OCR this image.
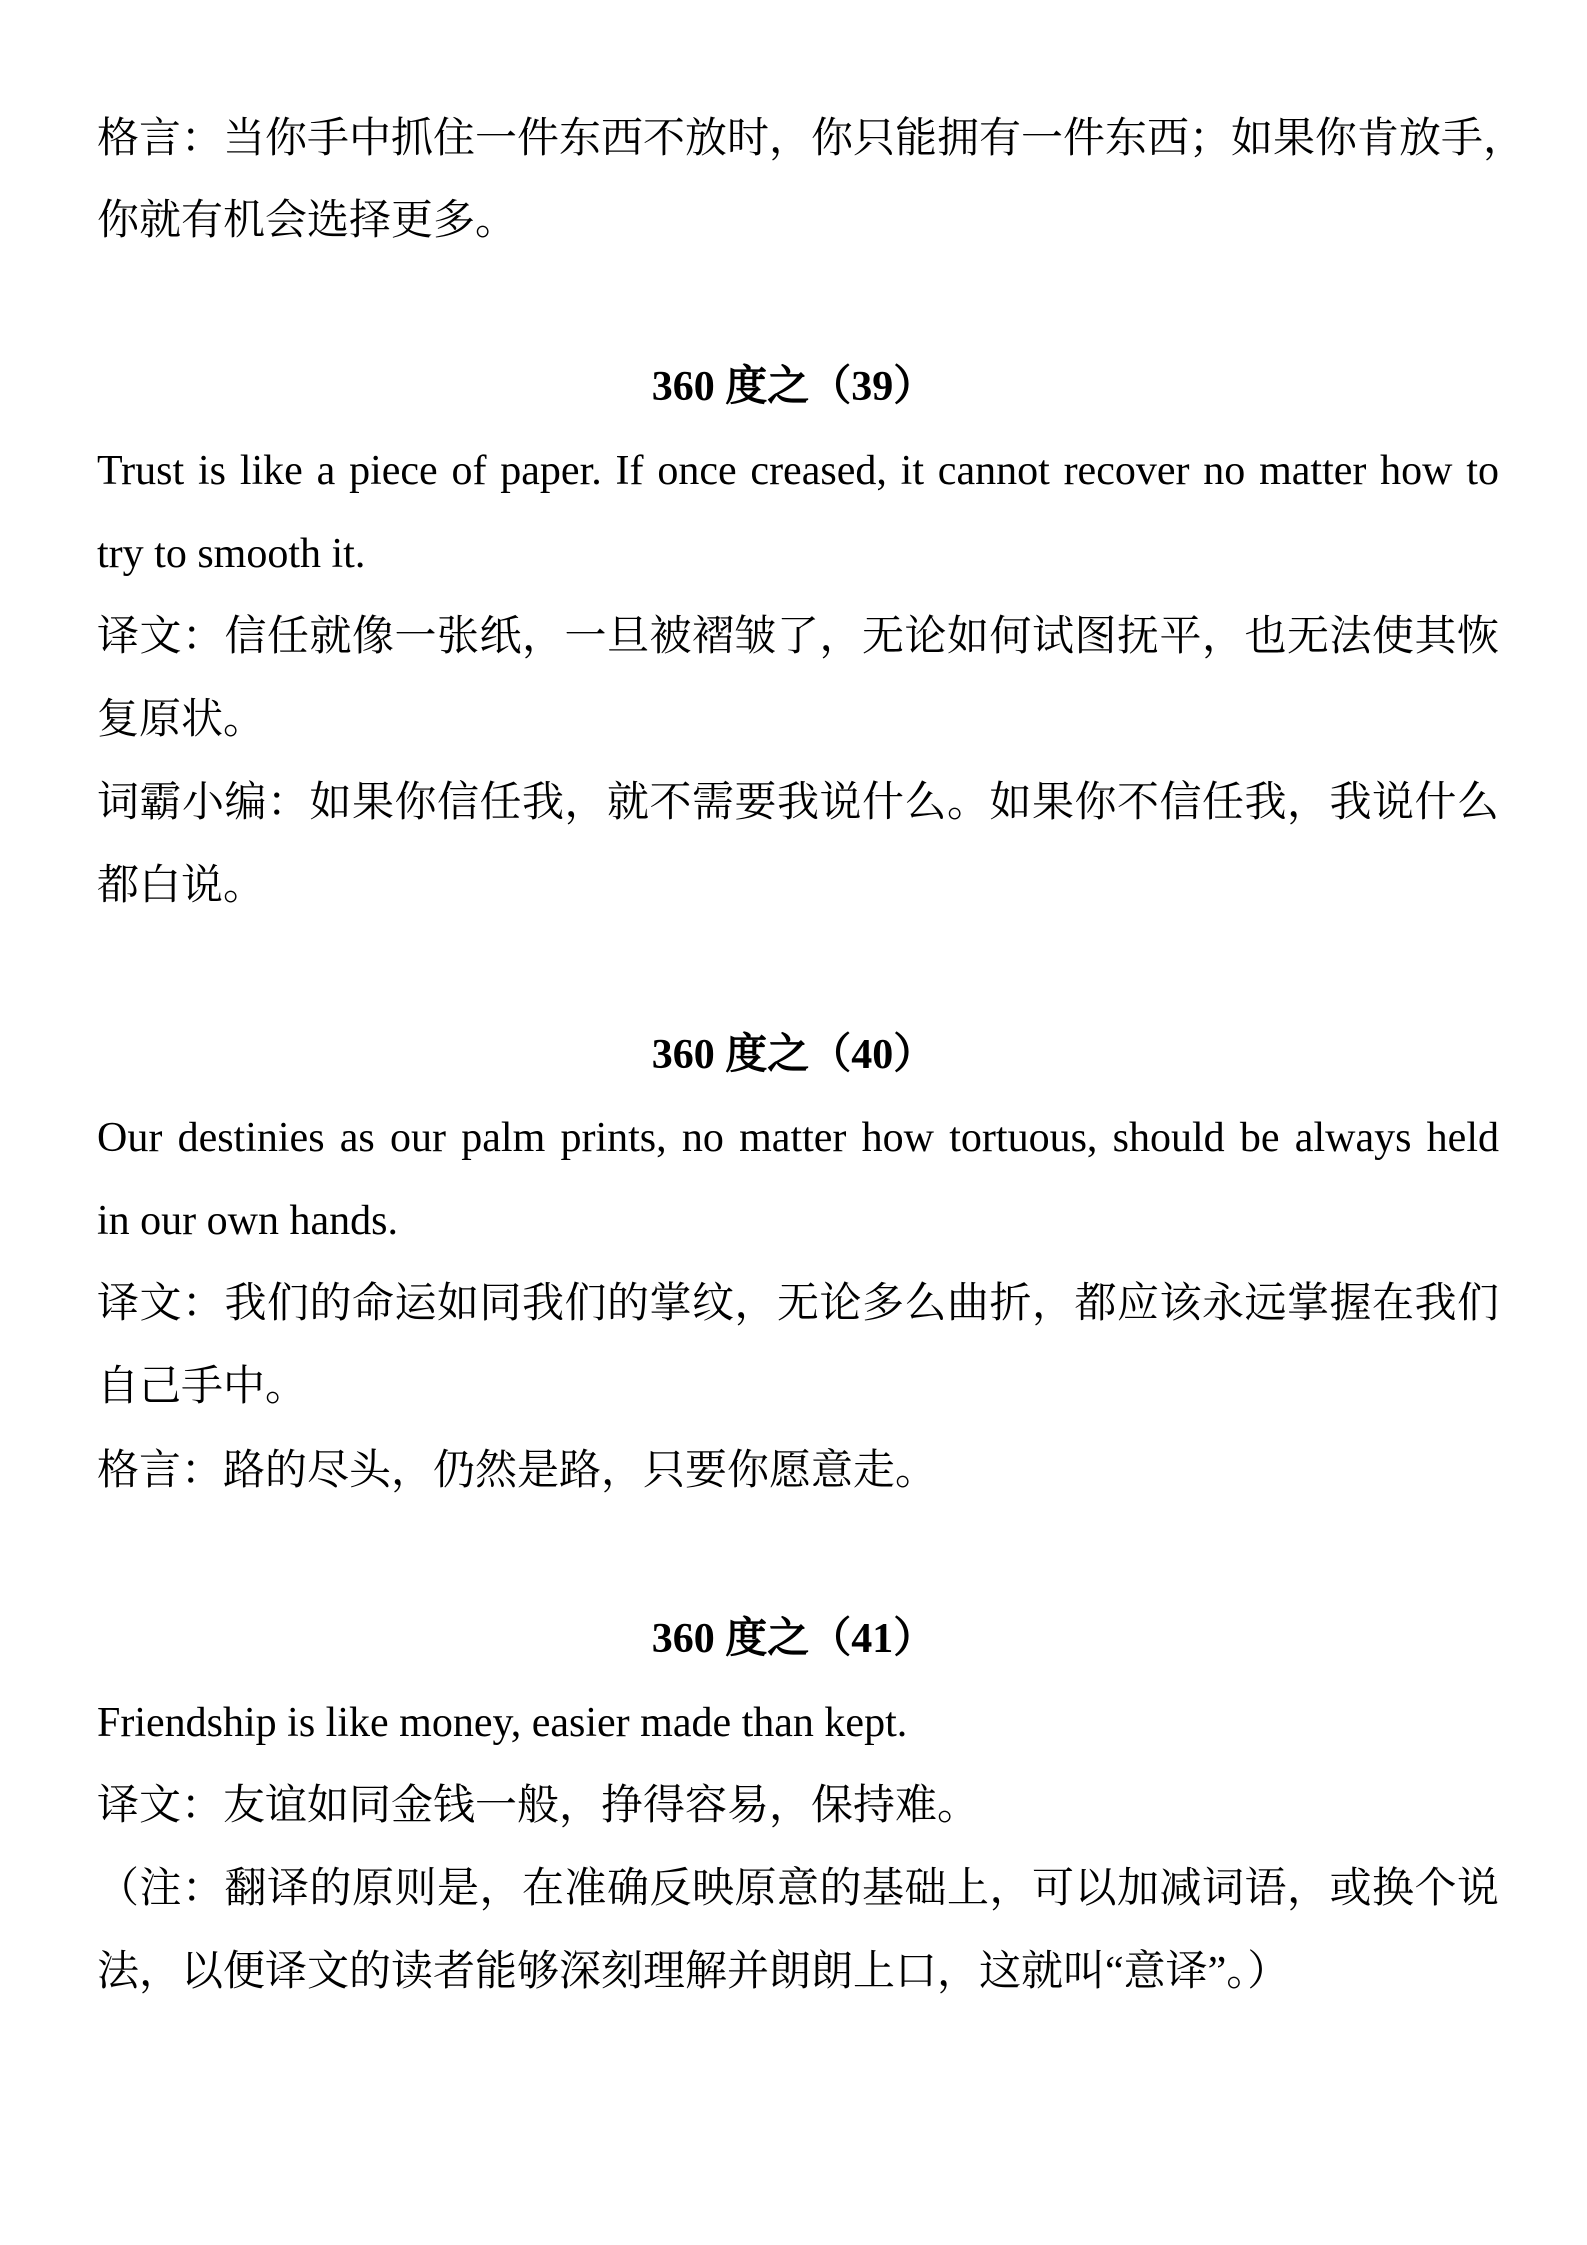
格言：当你手中抓住一件东西不放时，你只能拥有一件东西；如果你肯放手，
你就有机会选择更多。
360 度之（39）
Trust is like a piece of paper. If once creased, it cannot recover no matter how to
try to smooth it.
译文：信任就像一张纸，一旦被褶皱了，无论如何试图抚平，也无法使其恢
复原状。
词霸小编：如果你信任我，就不需要我说什么。如果你不信任我，我说什么
都白说。
360 度之（40）
Our destinies as our palm prints, no matter how tortuous, should be always held
in our own hands.
译文：我们的命运如同我们的掌纹，无论多么曲折，都应该永远掌握在我们
自己手中。
格言：路的尽头，仍然是路，只要你愿意走。
360 度之（41）
Friendship is like money, easier made than kept.
译文：友谊如同金钱一般，挣得容易，保持难。
（注：翻译的原则是，在准确反映原意的基础上，可以加减词语，或换个说
法，以便译文的读者能够深刻理解并朗朗上口，这就叫“意译”。）
